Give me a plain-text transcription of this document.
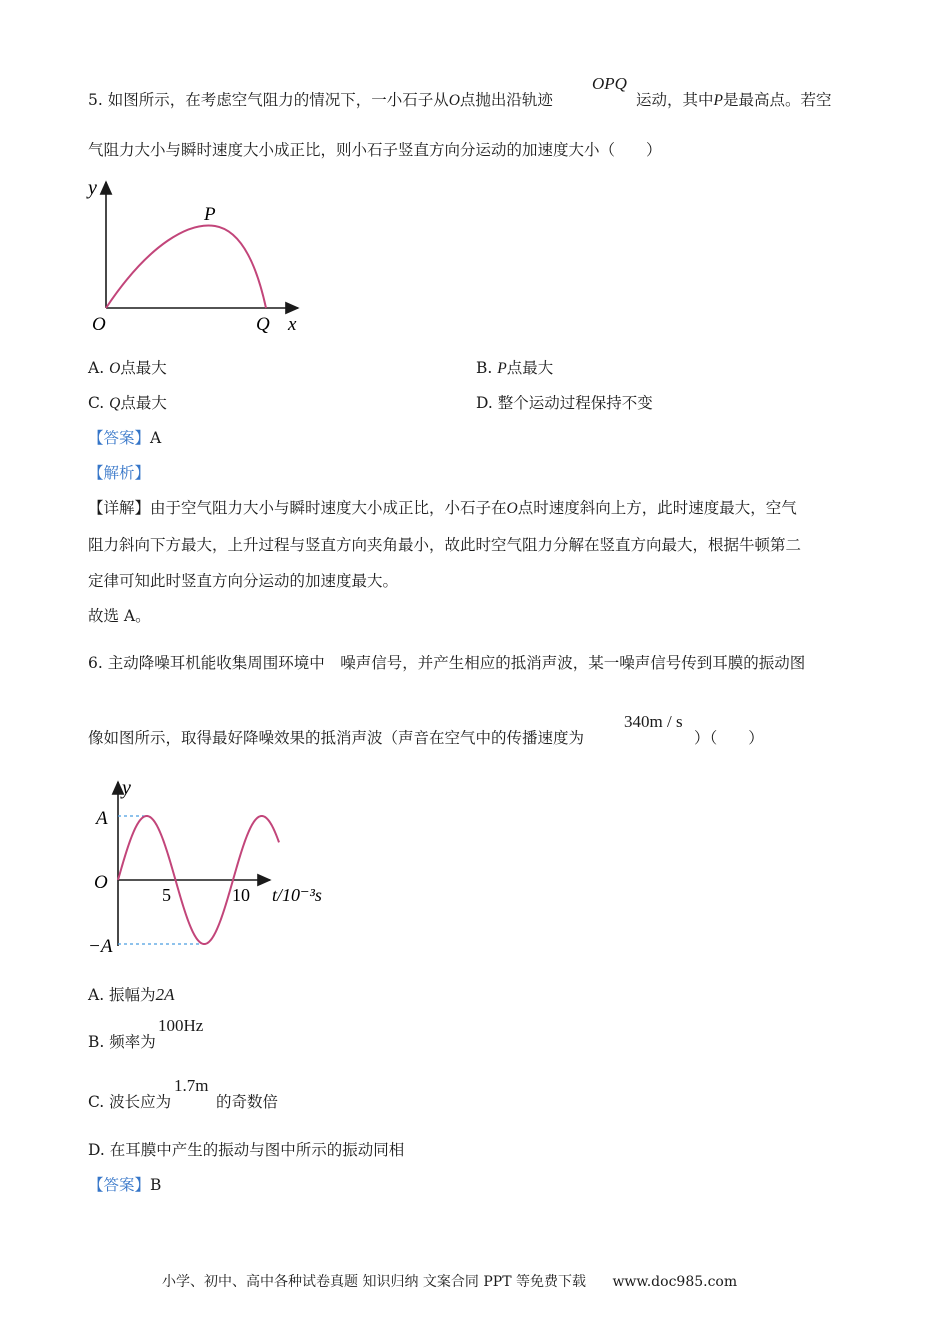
5. 如图所示，在考虑空气阻力的情况下，一小石子从O点抛出沿轨迹
OPQ
运动，其中P是最高点。若空
气阻力大小与瞬时速度大小成正比，则小石子竖直方向分运动的加速度大小（　　）
y
O
P
Q x
A. O点最大	B. P点最大
C. Q点最大	D. 整个运动过程保持不变
【答案】A
【解析】
【详解】由于空气阻力大小与瞬时速度大小成正比，小石子在O点时速度斜向上方，此时速度最大，空气
阻力斜向下方最大，上升过程与竖直方向夹角最小，故此时空气阻力分解在竖直方向最大，根据牛顿第二
定律可知此时竖直方向分运动的加速度最大。
故选 A。
6. 主动降噪耳机能收集周围环境中　噪声信号，并产生相应的抵消声波，某一噪声信号传到耳膜的振动图
340m / s
像如图所示，取得最好降噪效果的抵消声波（声音在空气中的传播速度为	）（　　）
y
A
O
−A
5	10 t/10⁻³s
A. 振幅为2A
100Hz
B. 频率为
1.7m
C. 波长应为	的奇数倍
D. 在耳膜中产生的振动与图中所示的振动同相
【答案】B
小学、初中、高中各种试卷真题 知识归纳 文案合同 PPT 等免费下载 www.doc985.com
